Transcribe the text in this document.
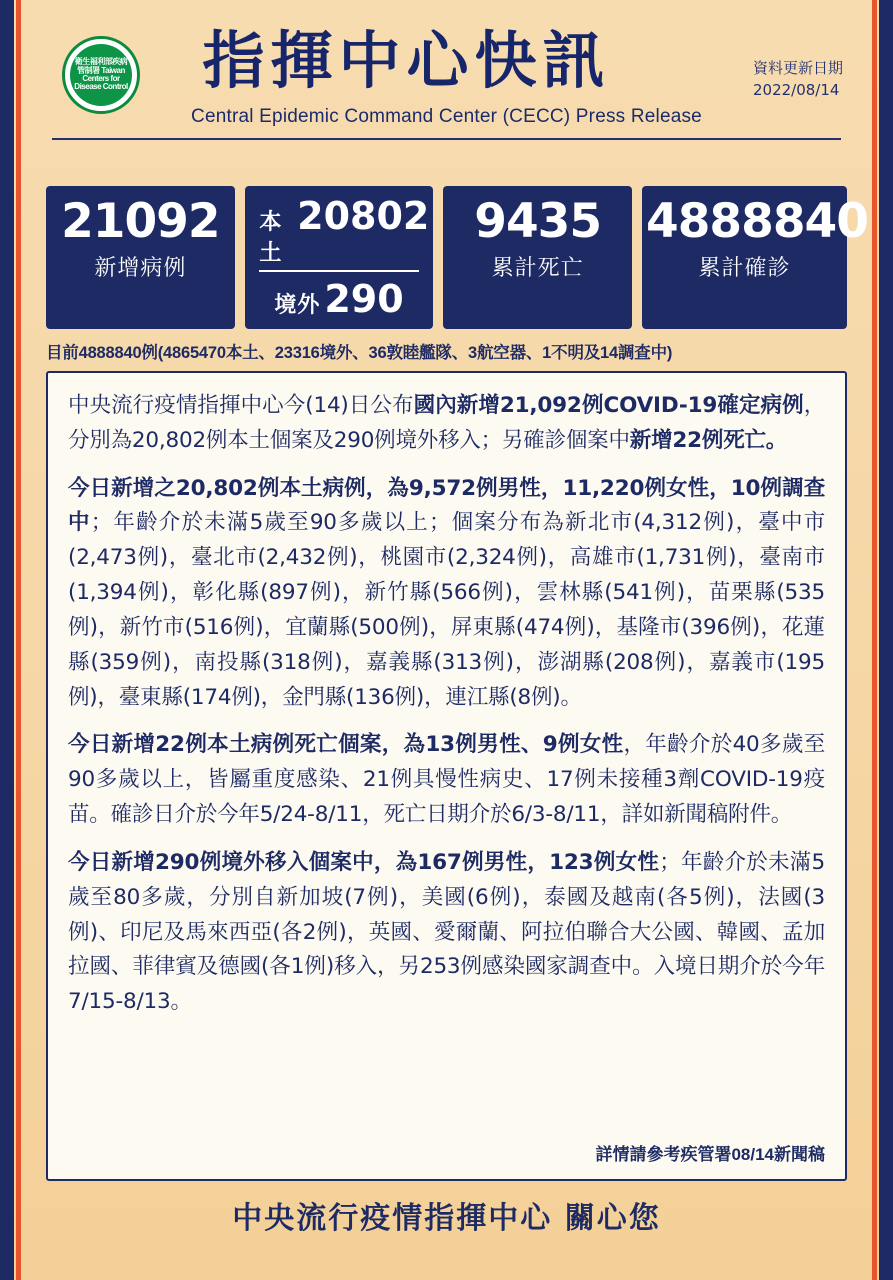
衛生福利部疾病管制署 Taiwan Centers for Disease Control	指揮中心快訊	資料更新日期
2022/08/14
Central Epidemic Command Center (CECC) Press Release
21092
新增病例
本土
20802
境外 290
9435
累計死亡
4888840
累計確診
目前4888840例(4865470本土、23316境外、36敦睦艦隊、3航空器、1不明及14調查中)
中央流行疫情指揮中心今(14)日公布國內新增21,092例COVID-19確定病例，分別為20,802例本土個案及290例境外移入；另確診個案中新增22例死亡。
今日新增之20,802例本土病例，為9,572例男性，11,220例女性，10例調查中；年齡介於未滿5歲至90多歲以上；個案分布為新北市(4,312例)，臺中市(2,473例)，臺北市(2,432例)，桃園市(2,324例)，高雄市(1,731例)，臺南市(1,394例)，彰化縣(897例)，新竹縣(566例)，雲林縣(541例)，苗栗縣(535例)，新竹市(516例)，宜蘭縣(500例)，屏東縣(474例)，基隆市(396例)，花蓮縣(359例)，南投縣(318例)，嘉義縣(313例)，澎湖縣(208例)，嘉義市(195例)，臺東縣(174例)，金門縣(136例)，連江縣(8例)。
今日新增22例本土病例死亡個案，為13例男性、9例女性，年齡介於40多歲至90多歲以上，皆屬重度感染、21例具慢性病史、17例未接種3劑COVID-19疫苗。確診日介於今年5/24-8/11，死亡日期介於6/3-8/11，詳如新聞稿附件。
今日新增290例境外移入個案中，為167例男性，123例女性；年齡介於未滿5歲至80多歲，分別自新加坡(7例)，美國(6例)，泰國及越南(各5例)，法國(3例)、印尼及馬來西亞(各2例)，英國、愛爾蘭、阿拉伯聯合大公國、韓國、孟加拉國、菲律賓及德國(各1例)移入，另253例感染國家調查中。入境日期介於今年7/15-8/13。
詳情請參考疾管署08/14新聞稿
中央流行疫情指揮中心 關心您
